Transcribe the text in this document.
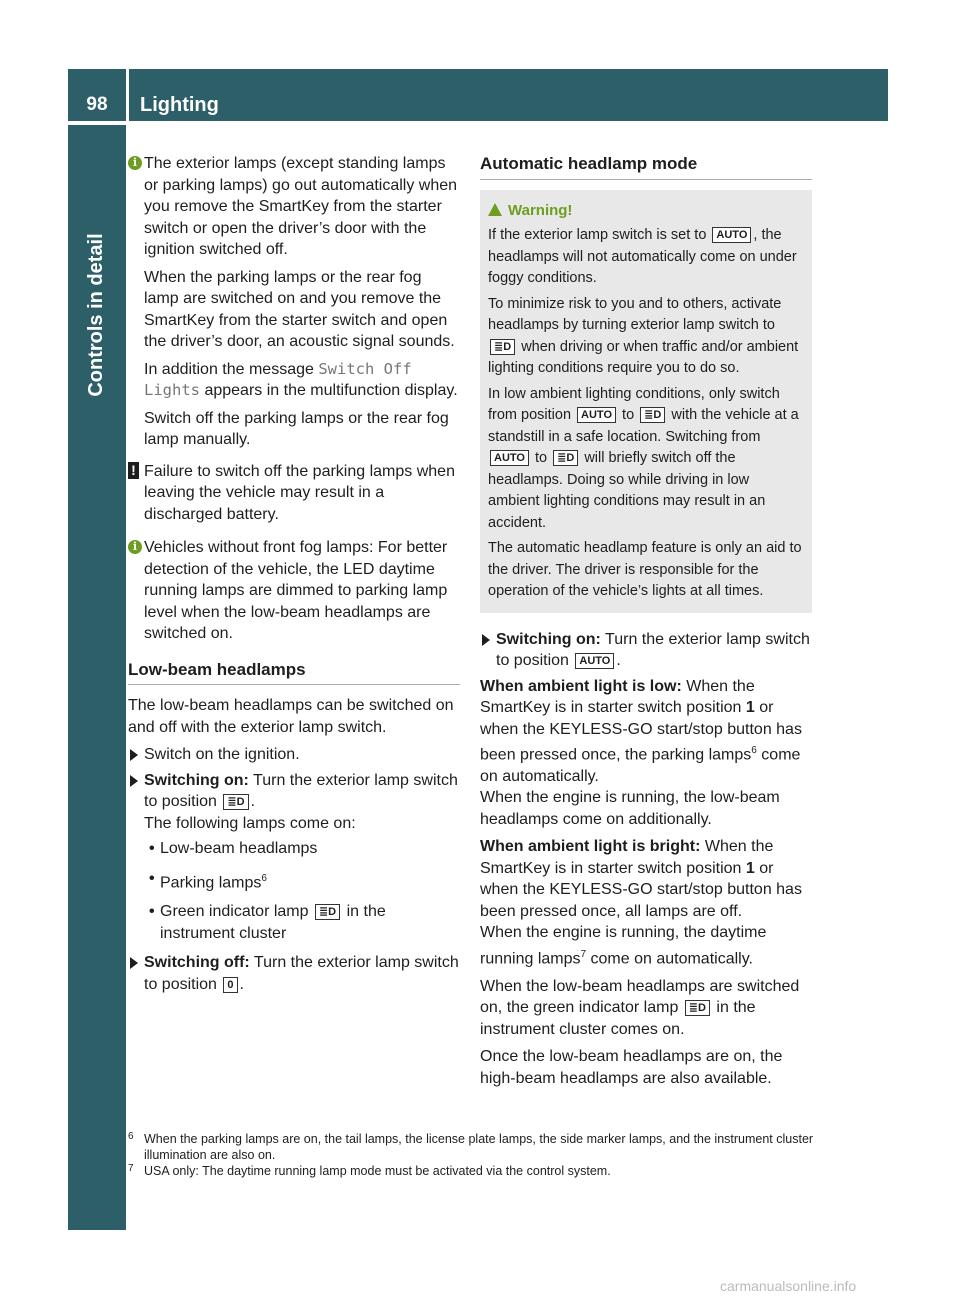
98	Lighting
Controls in detail
i The exterior lamps (except standing lamps or parking lamps) go out automatically when you remove the SmartKey from the starter switch or open the driver’s door with the ignition switched off.

When the parking lamps or the rear fog lamp are switched on and you remove the SmartKey from the starter switch and open the driver’s door, an acoustic signal sounds.

In addition the message Switch Off Lights appears in the multifunction display.

Switch off the parking lamps or the rear fog lamp manually.

! Failure to switch off the parking lamps when leaving the vehicle may result in a discharged battery.

i Vehicles without front fog lamps: For better detection of the vehicle, the LED daytime running lamps are dimmed to parking lamp level when the low-beam headlamps are switched on.

Low-beam headlamps

The low-beam headlamps can be switched on and off with the exterior lamp switch.

Switch on the ignition.
Switching on: Turn the exterior lamp switch to position ≣D .
The following lamps come on:
• Low-beam headlamps
• Parking lamps$^6$
• Green indicator lamp ≣D in the instrument cluster
Switching off: Turn the exterior lamp switch to position 0 .
Automatic headlamp mode
Warning!

If the exterior lamp switch is set to AUTO , the headlamps will not automatically come on under foggy conditions.

To minimize risk to you and to others, activate headlamps by turning exterior lamp switch to ≣D when driving or when traffic and/or ambient lighting conditions require you to do so.

In low ambient lighting conditions, only switch from position AUTO to ≣D with the vehicle at a standstill in a safe location. Switching from AUTO to ≣D will briefly switch off the headlamps. Doing so while driving in low ambient lighting conditions may result in an accident.

The automatic headlamp feature is only an aid to the driver. The driver is responsible for the operation of the vehicle’s lights at all times.

Switching on: Turn the exterior lamp switch to position AUTO .

When ambient light is low: When the SmartKey is in starter switch position 1 or when the KEYLESS-GO start/stop button has been pressed once, the parking lamps$^6$ come on automatically.
When the engine is running, the low-beam headlamps come on additionally.

When ambient light is bright: When the SmartKey is in starter switch position 1 or when the KEYLESS-GO start/stop button has been pressed once, all lamps are off.
When the engine is running, the daytime running lamps$^7$ come on automatically.

When the low-beam headlamps are switched on, the green indicator lamp ≣D in the instrument cluster comes on.

Once the low-beam headlamps are on, the high-beam headlamps are also available.

6 When the parking lamps are on, the tail lamps, the license plate lamps, the side marker lamps, and the instrument cluster illumination are also on.
7 USA only: The daytime running lamp mode must be activated via the control system.
carmanualsonline.info
